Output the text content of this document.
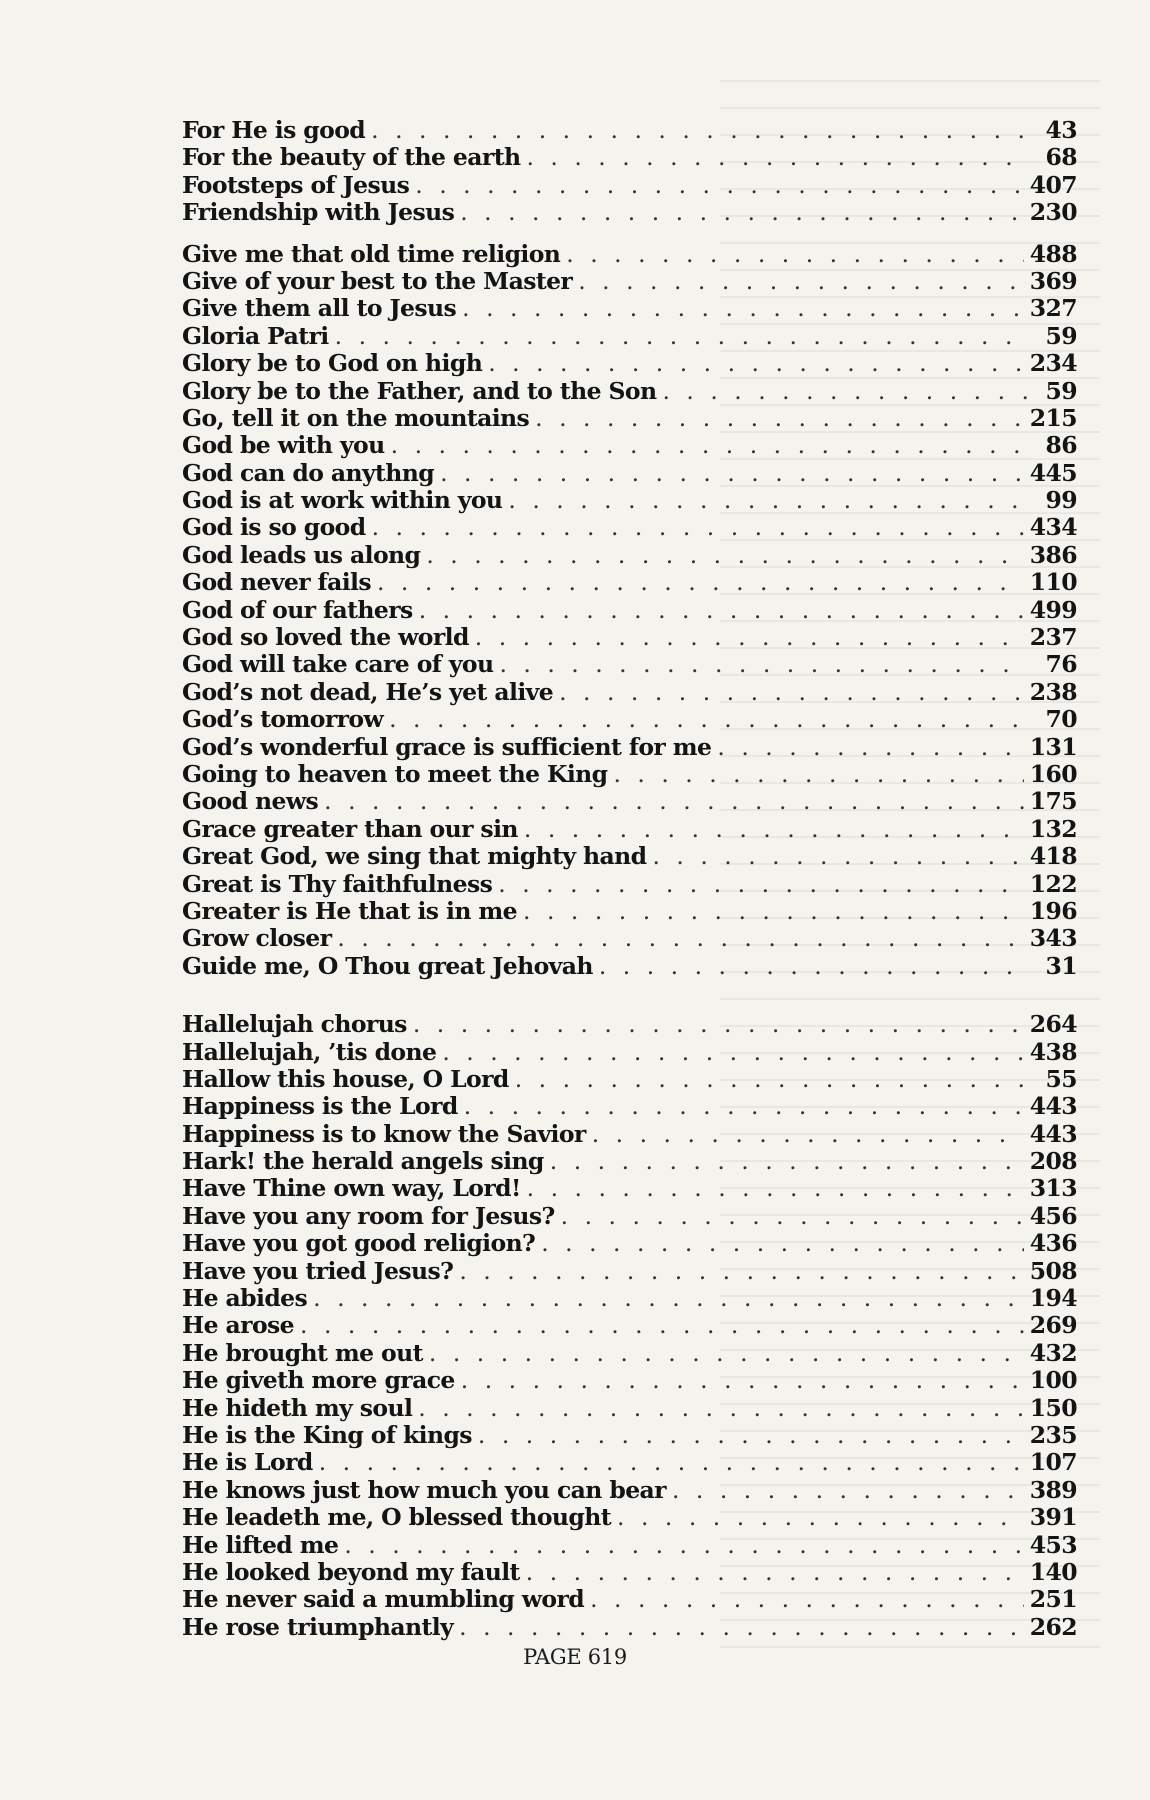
For He is good . . .	43
For the beauty of the earth . . .	68
Footsteps of Jesus . . .	407
Friendship with Jesus . . .	230
Give me that old time religion . . .	488
Give of your best to the Master . . .	369
Give them all to Jesus . . .	327
Gloria Patri . . .	59
Glory be to God on high . . .	234
Glory be to the Father, and to the Son . . .	59
Go, tell it on the mountains . . .	215
God be with you . . .	86
God can do anythng . . .	445
God is at work within you . . .	99
God is so good . . .	434
God leads us along . . .	386
God never fails . . .	110
God of our fathers . . .	499
God so loved the world . . .	237
God will take care of you . . .	76
God’s not dead, He’s yet alive . . .	238
God’s tomorrow . . .	70
God’s wonderful grace is sufficient for me . . .	131
Going to heaven to meet the King . . .	160
Good news . . .	175
Grace greater than our sin . . .	132
Great God, we sing that mighty hand . . .	418
Great is Thy faithfulness . . .	122
Greater is He that is in me . . .	196
Grow closer . . .	343
Guide me, O Thou great Jehovah . . .	31
Hallelujah chorus . . .	264
Hallelujah, ’tis done . . .	438
Hallow this house, O Lord . . .	55
Happiness is the Lord . . .	443
Happiness is to know the Savior . . .	443
Hark! the herald angels sing . . .	208
Have Thine own way, Lord! . . .	313
Have you any room for Jesus? . . .	456
Have you got good religion? . . .	436
Have you tried Jesus? . . .	508
He abides . . .	194
He arose . . .	269
He brought me out . . .	432
He giveth more grace . . .	100
He hideth my soul . . .	150
He is the King of kings . . .	235
He is Lord . . .	107
He knows just how much you can bear . . .	389
He leadeth me, O blessed thought . . .	391
He lifted me . . .	453
He looked beyond my fault . . .	140
He never said a mumbling word . . .	251
He rose triumphantly . . .	262
PAGE 619
